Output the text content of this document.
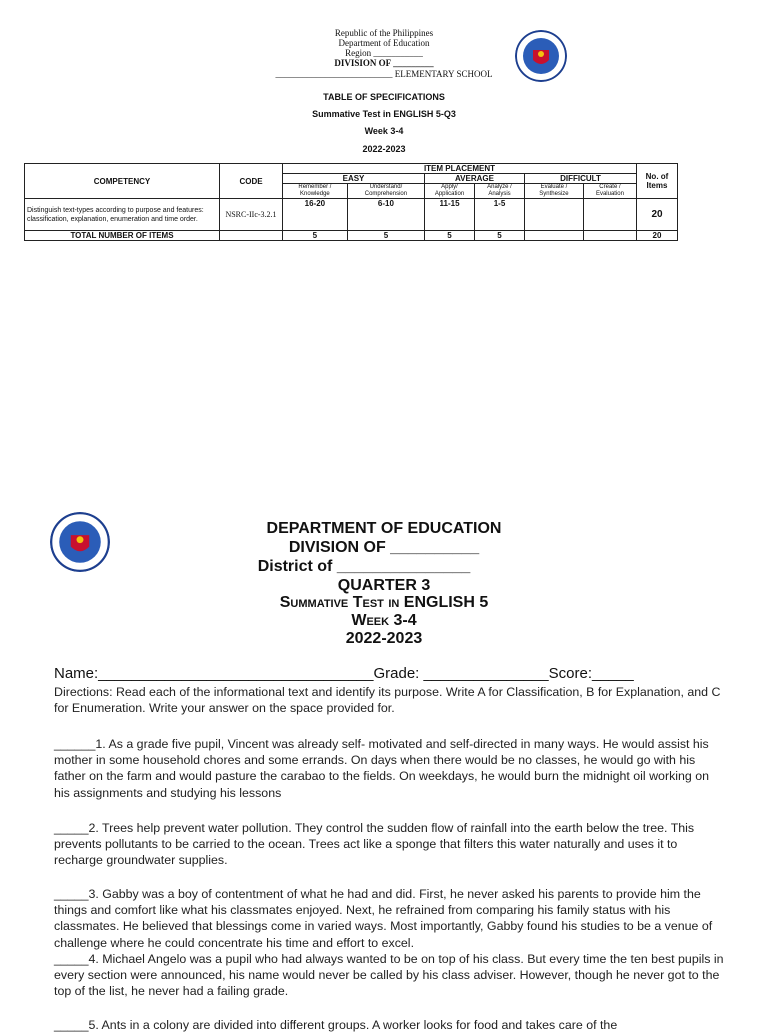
Republic of the Philippines
Department of Education
Region ___________
DIVISION OF _________
__________________________ ELEMENTARY SCHOOL
TABLE OF SPECIFICATIONS
Summative Test in ENGLISH 5-Q3
Week 3-4
2022-2023
COMPETENCY	CODE	ITEM PLACEMENT						No. of Items
		EASY		AVERAGE		DIFFICULT		
		Remember / Knowledge	Understand/ Comprehension	Apply/ Application	Analyze / Analysis	Evaluate / Synthesize	Create / Evaluation	
Distinguish text-types according to purpose and features: classification, explanation, enumeration and time order.	NSRC-IIc-3.2.1	16-20	6-10	11-15	1-5			20
TOTAL NUMBER OF ITEMS		5	5	5	5			20
DEPARTMENT OF EDUCATION
DIVISION OF __________
District of _______________
QUARTER 3
Summative Test in ENGLISH 5
Week 3-4
2022-2023
Name:_________________________________Grade: _______________Score:_____
Directions: Read each of the informational text and identify its purpose. Write A for Classification, B for Explanation, and C for Enumeration. Write your answer on the space provided for.
______1. As a grade five pupil, Vincent was already self- motivated and self-directed in many ways. He would assist his mother in some household chores and some errands. On days when there would be no classes, he would go with his father on the farm and would pasture the carabao to the fields. On weekdays, he would burn the midnight oil working on his assignments and studying his lessons
_____2. Trees help prevent water pollution. They control the sudden flow of rainfall into the earth below the tree. This prevents pollutants to be carried to the ocean. Trees act like a sponge that filters this water naturally and uses it to recharge groundwater supplies.
_____3. Gabby was a boy of contentment of what he had and did. First, he never asked his parents to provide him the things and comfort like what his classmates enjoyed. Next, he refrained from comparing his family status with his classmates. He believed that blessings come in varied ways. Most importantly, Gabby found his studies to be a venue of challenge where he could concentrate his time and effort to excel.
_____4. Michael Angelo was a pupil who had always wanted to be on top of his class. But every time the ten best pupils in every section were announced, his name would never be called by his class adviser. However, though he never got to the top of the list, he never had a failing grade.
_____5. Ants in a colony are divided into different groups. A worker looks for food and takes care of the
